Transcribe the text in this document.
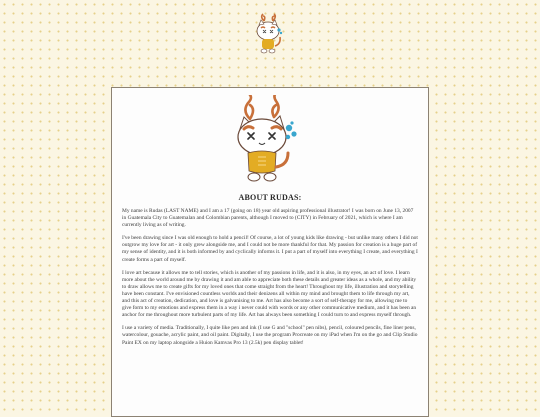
ABOUT RUDAS:

My name is Rudas (LAST NAME) and I am a 17 (going on 18) year old aspiring professional illustrator! I was born on June 13, 2007 in Guatemala City to Guatemalan and Colombian parents, although I moved to (CITY) in February of 2021, which is where I am currently living as of writing.

I've been drawing since I was old enough to hold a pencil! Of course, a lot of young kids like drawing - but unlike many others I did not outgrow my love for art - it only grew alongside me, and I could not be more thankful for that. My passion for creation is a huge part of my sense of identity, and it is both informed by and cyclically informs it. I put a part of myself into everything I create, and everything I create forms a part of myself.

I love art because it allows me to tell stories, which is another of my passions in life, and it is also, in my eyes, an act of love. I learn more about the world around me by drawing it and am able to appreciate both these details and greater ideas as a whole, and my ability to draw allows me to create gifts for my loved ones that come straight from the heart! Throughout my life, illustration and storytelling have been constant. I've envisioned countless worlds and their denizens all within my mind and brought them to life through my art, and this act of creation, dedication, and love is galvanising to me. Art has also become a sort of self-therapy for me, allowing me to give form to my emotions and express them in a way i never could with words or any other communicative medium, and it has been an anchor for me throughout more turbulent parts of my life. Art has always been something I could turn to and express myself through.

I use a variety of media. Traditionally, I quite like pen and ink (I use G and "school" pen nibs), pencil, coloured pencils, fine liner pens, watercolour, gouache, acrylic paint, and oil paint. Digitally, I use the program Procreate on my iPad when I'm on the go and Clip Studio Paint EX on my laptop alongside a Huion Kamvas Pro 13 (2.5k) pen display tablet!
